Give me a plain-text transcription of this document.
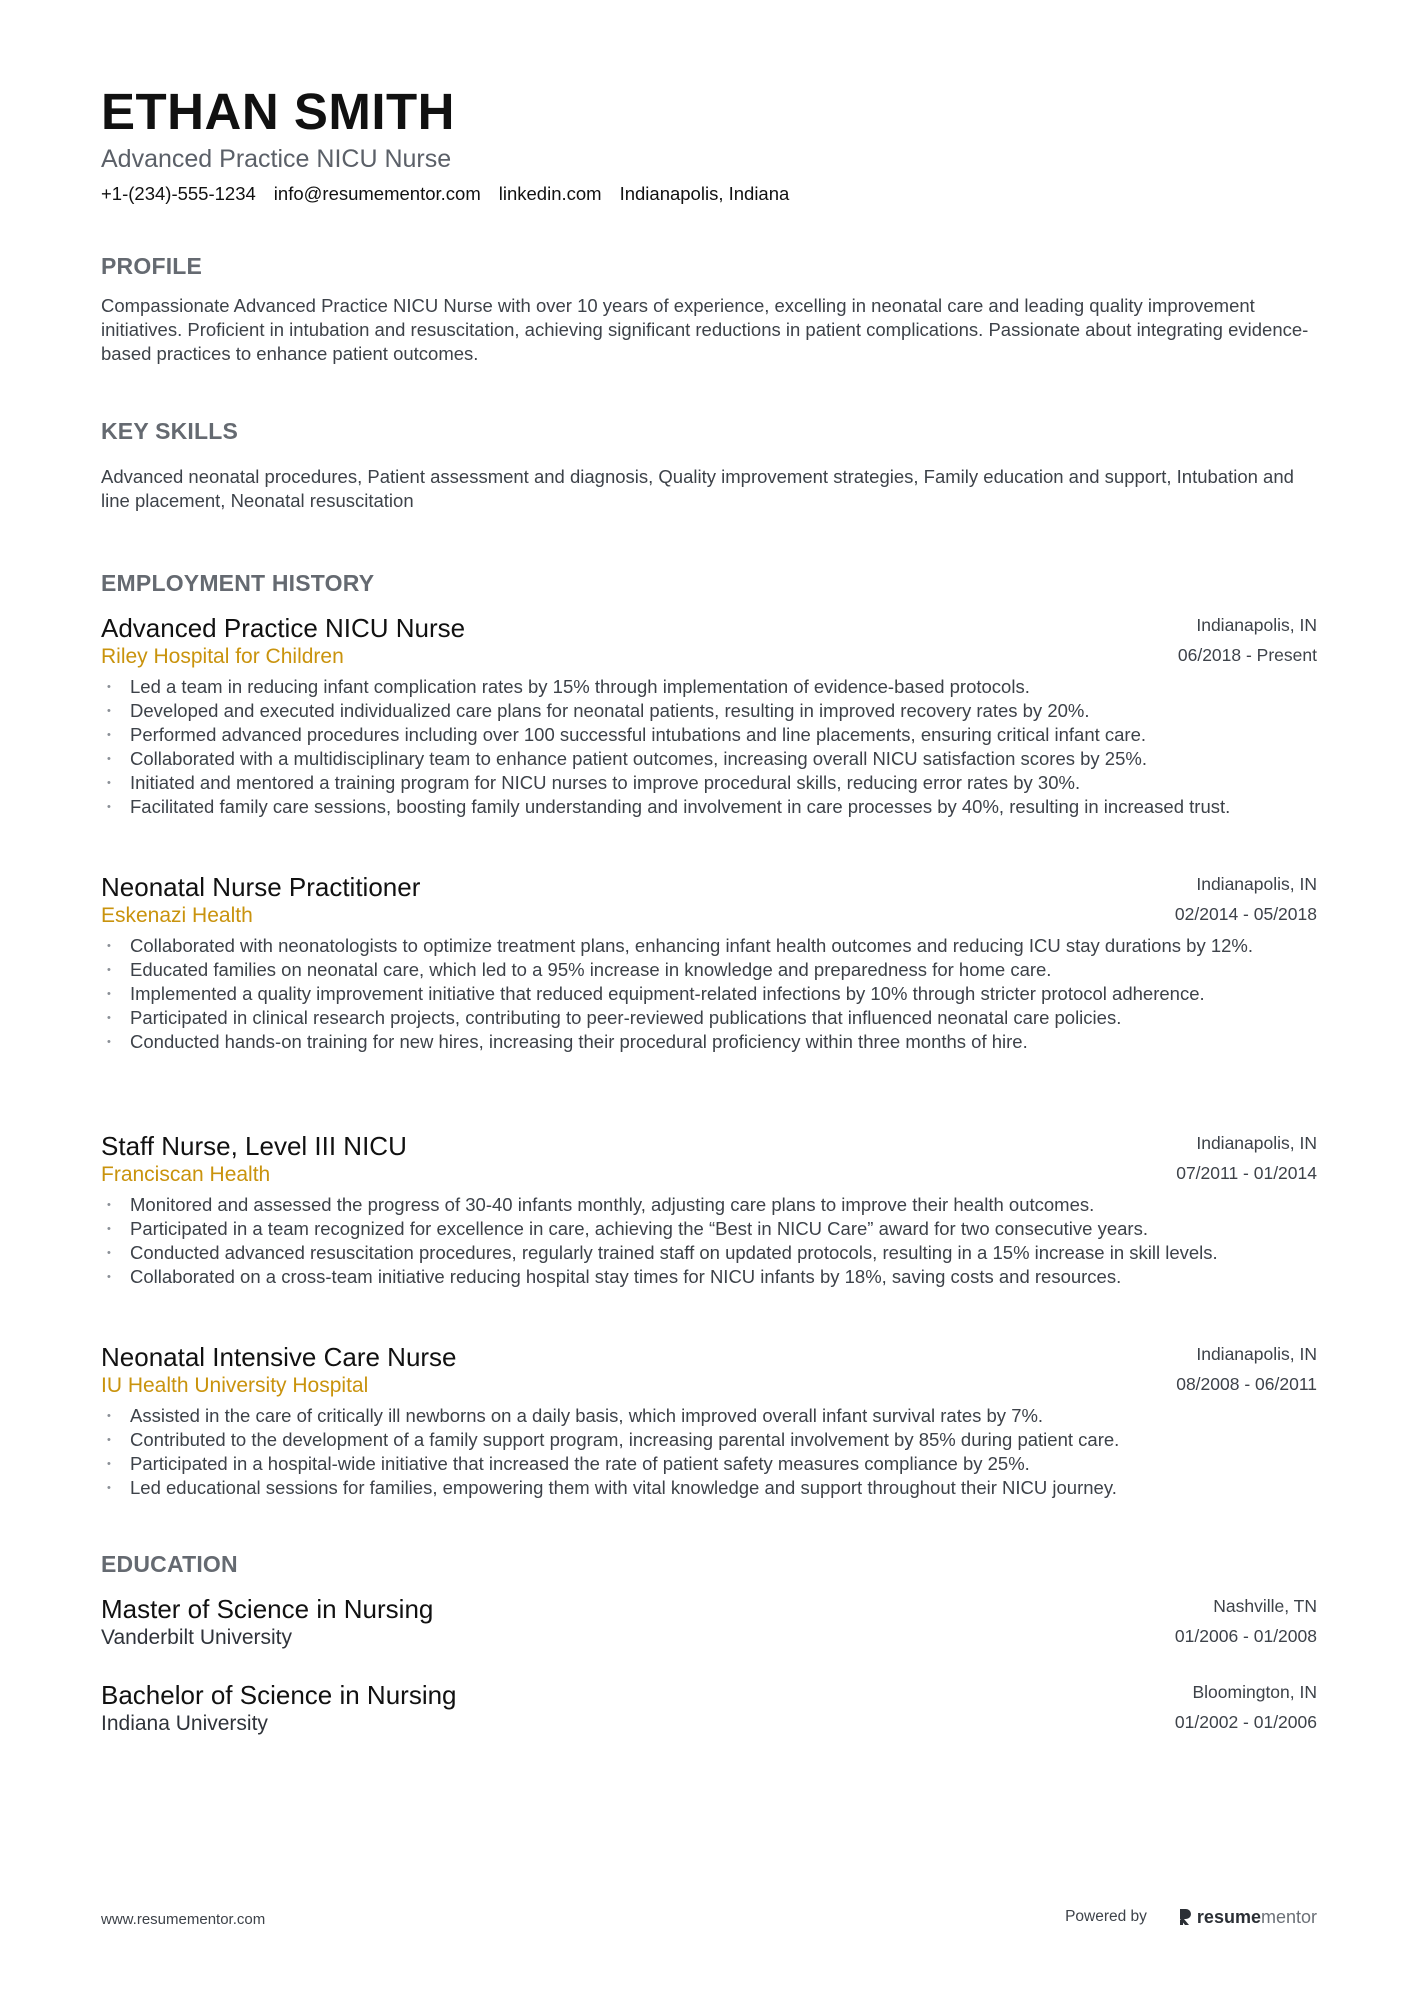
ETHAN SMITH
Advanced Practice NICU Nurse
+1-(234)-555-1234 info@resumementor.com linkedin.com Indianapolis, Indiana
PROFILE
Compassionate Advanced Practice NICU Nurse with over 10 years of experience, excelling in neonatal care and leading quality improvement initiatives. Proficient in intubation and resuscitation, achieving significant reductions in patient complications. Passionate about integrating evidence-based practices to enhance patient outcomes.
KEY SKILLS
Advanced neonatal procedures, Patient assessment and diagnosis, Quality improvement strategies, Family education and support, Intubation and line placement, Neonatal resuscitation
EMPLOYMENT HISTORY
Advanced Practice NICU Nurse
Riley Hospital for Children
Indianapolis, IN
06/2018 - Present
• Led a team in reducing infant complication rates by 15% through implementation of evidence-based protocols.
• Developed and executed individualized care plans for neonatal patients, resulting in improved recovery rates by 20%.
• Performed advanced procedures including over 100 successful intubations and line placements, ensuring critical infant care.
• Collaborated with a multidisciplinary team to enhance patient outcomes, increasing overall NICU satisfaction scores by 25%.
• Initiated and mentored a training program for NICU nurses to improve procedural skills, reducing error rates by 30%.
• Facilitated family care sessions, boosting family understanding and involvement in care processes by 40%, resulting in increased trust.
Neonatal Nurse Practitioner
Eskenazi Health
Indianapolis, IN
02/2014 - 05/2018
• Collaborated with neonatologists to optimize treatment plans, enhancing infant health outcomes and reducing ICU stay durations by 12%.
• Educated families on neonatal care, which led to a 95% increase in knowledge and preparedness for home care.
• Implemented a quality improvement initiative that reduced equipment-related infections by 10% through stricter protocol adherence.
• Participated in clinical research projects, contributing to peer-reviewed publications that influenced neonatal care policies.
• Conducted hands-on training for new hires, increasing their procedural proficiency within three months of hire.
Staff Nurse, Level III NICU
Franciscan Health
Indianapolis, IN
07/2011 - 01/2014
• Monitored and assessed the progress of 30-40 infants monthly, adjusting care plans to improve their health outcomes.
• Participated in a team recognized for excellence in care, achieving the “Best in NICU Care” award for two consecutive years.
• Conducted advanced resuscitation procedures, regularly trained staff on updated protocols, resulting in a 15% increase in skill levels.
• Collaborated on a cross-team initiative reducing hospital stay times for NICU infants by 18%, saving costs and resources.
Neonatal Intensive Care Nurse
IU Health University Hospital
Indianapolis, IN
08/2008 - 06/2011
• Assisted in the care of critically ill newborns on a daily basis, which improved overall infant survival rates by 7%.
• Contributed to the development of a family support program, increasing parental involvement by 85% during patient care.
• Participated in a hospital-wide initiative that increased the rate of patient safety measures compliance by 25%.
• Led educational sessions for families, empowering them with vital knowledge and support throughout their NICU journey.
EDUCATION
Master of Science in Nursing
Vanderbilt University
Nashville, TN
01/2006 - 01/2008
Bachelor of Science in Nursing
Indiana University
Bloomington, IN
01/2002 - 01/2006
www.resumementor.com	Powered by	resume mentor
